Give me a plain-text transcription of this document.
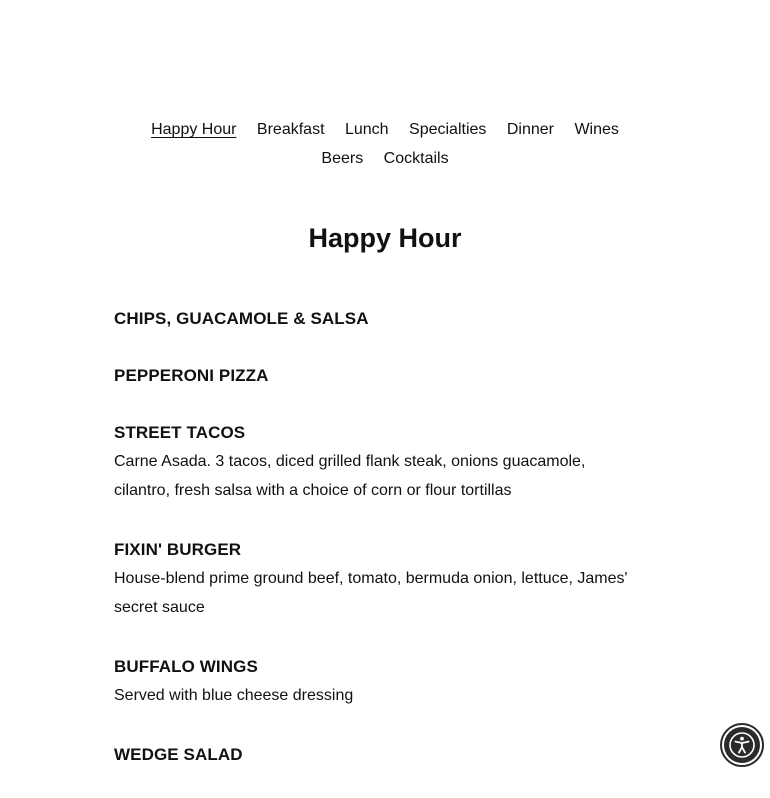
Happy Hour Breakfast Lunch Specialties Dinner Wines
Beers Cocktails
Happy Hour

CHIPS, GUACAMOLE & SALSA

PEPPERONI PIZZA

STREET TACOS

Carne Asada. 3 tacos, diced grilled flank steak, onions guacamole, cilantro, fresh salsa with a choice of corn or flour tortillas

FIXIN' BURGER

House-blend prime ground beef, tomato, bermuda onion, lettuce, James' secret sauce

BUFFALO WINGS

Served with blue cheese dressing

WEDGE SALAD
